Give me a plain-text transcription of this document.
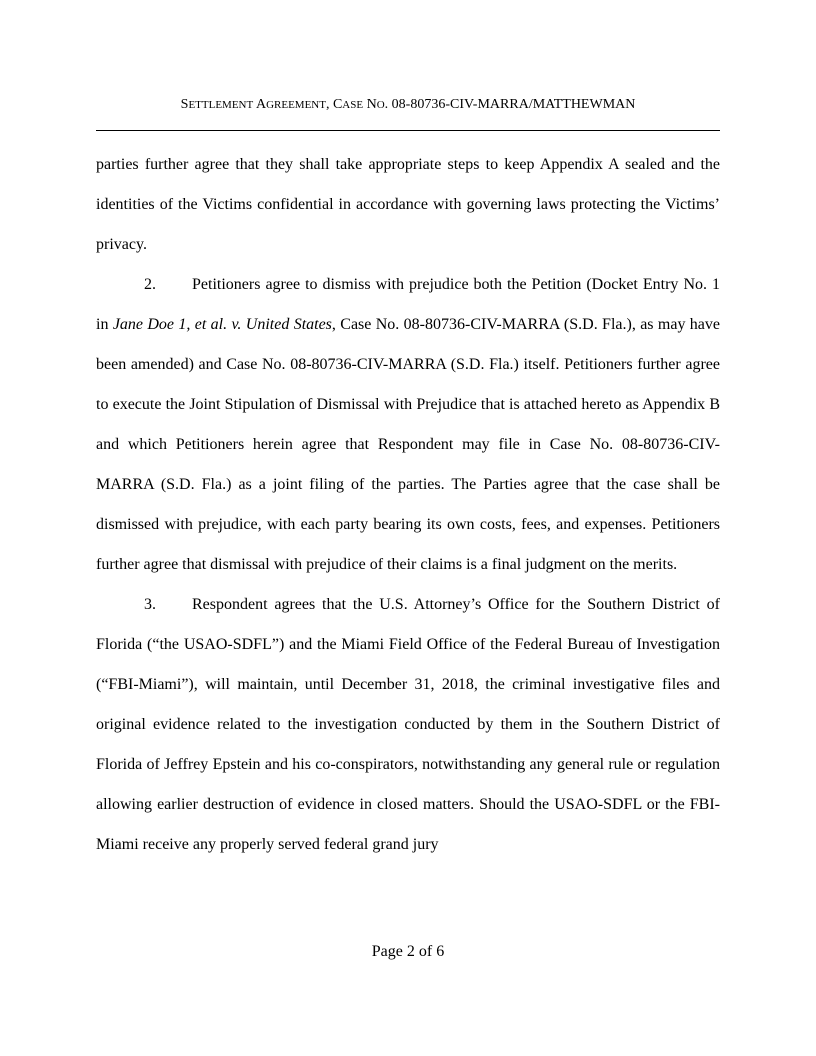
SETTLEMENT AGREEMENT, CASE NO. 08-80736-CIV-MARRA/MATTHEWMAN

parties further agree that they shall take appropriate steps to keep Appendix A sealed and the identities of the Victims confidential in accordance with governing laws protecting the Victims’ privacy.

2. Petitioners agree to dismiss with prejudice both the Petition (Docket Entry No. 1 in Jane Doe 1, et al. v. United States, Case No. 08-80736-CIV-MARRA (S.D. Fla.), as may have been amended) and Case No. 08-80736-CIV-MARRA (S.D. Fla.) itself. Petitioners further agree to execute the Joint Stipulation of Dismissal with Prejudice that is attached hereto as Appendix B and which Petitioners herein agree that Respondent may file in Case No. 08-80736-CIV-MARRA (S.D. Fla.) as a joint filing of the parties. The Parties agree that the case shall be dismissed with prejudice, with each party bearing its own costs, fees, and expenses. Petitioners further agree that dismissal with prejudice of their claims is a final judgment on the merits.

3. Respondent agrees that the U.S. Attorney’s Office for the Southern District of Florida (“the USAO-SDFL”) and the Miami Field Office of the Federal Bureau of Investigation (“FBI-Miami”), will maintain, until December 31, 2018, the criminal investigative files and original evidence related to the investigation conducted by them in the Southern District of Florida of Jeffrey Epstein and his co-conspirators, notwithstanding any general rule or regulation allowing earlier destruction of evidence in closed matters. Should the USAO-SDFL or the FBI-Miami receive any properly served federal grand jury

Page 2 of 6
